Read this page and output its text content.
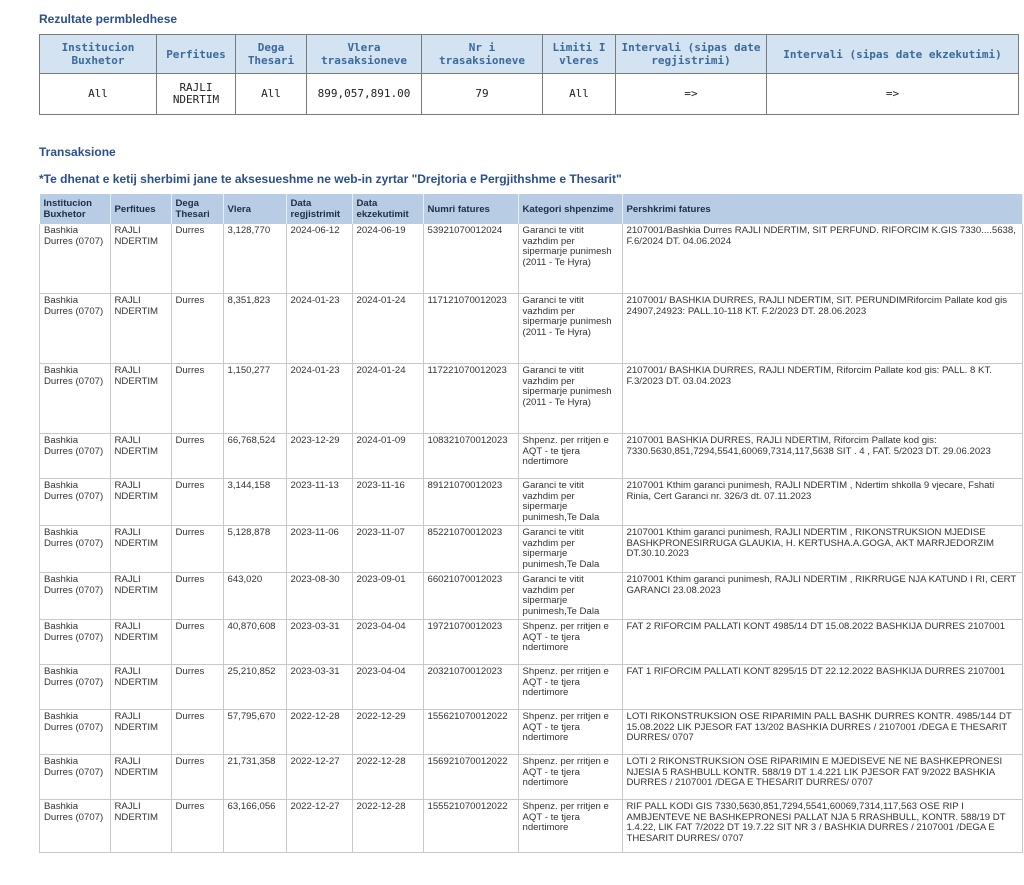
Rezultate permbledhese
Institucion Buxhetor	Perfitues	Dega Thesari	Vlera trasaksioneve	Nr i trasaksioneve	Limiti I vleres	Intervali (sipas date regjistrimi)	Intervali (sipas date ekzekutimi)
All	RAJLI NDERTIM	All	899,057,891.00	79	All	=>	=>
Transaksione
*Te dhenat e ketij sherbimi jane te aksesueshme ne web-in zyrtar "Drejtoria e Pergjithshme e Thesarit"
Institucion Buxhetor	Perfitues	Dega Thesari	Vlera	Data regjistrimit	Data ekzekutimit	Numri fatures	Kategori shpenzime	Pershkrimi fatures
Bashkia Durres (0707)	RAJLI NDERTIM	Durres	3,128,770	2024-06-12	2024-06-19	53921070012024	Garanci te vitit vazhdim per sipermarje punimesh (2011 - Te Hyra)	2107001/Bashkia Durres RAJLI NDERTIM, SIT PERFUND. RIFORCIM K.GIS 7330....5638, F.6/2024 DT. 04.06.2024
Bashkia Durres (0707)	RAJLI NDERTIM	Durres	8,351,823	2024-01-23	2024-01-24	117121070012023	Garanci te vitit vazhdim per sipermarje punimesh (2011 - Te Hyra)	2107001/ BASHKIA DURRES, RAJLI NDERTIM, SIT. PERUNDIMRiforcim Pallate kod gis 24907,24923: PALL.10-118 KT. F.2/2023 DT. 28.06.2023
Bashkia Durres (0707)	RAJLI NDERTIM	Durres	1,150,277	2024-01-23	2024-01-24	117221070012023	Garanci te vitit vazhdim per sipermarje punimesh (2011 - Te Hyra)	2107001/ BASHKIA DURRES, RAJLI NDERTIM, Riforcim Pallate kod gis: PALL. 8 KT. F.3/2023 DT. 03.04.2023
Bashkia Durres (0707)	RAJLI NDERTIM	Durres	66,768,524	2023-12-29	2024-01-09	108321070012023	Shpenz. per rritjen e AQT - te tjera ndertimore	2107001 BASHKIA DURRES, RAJLI NDERTIM, Riforcim Pallate kod gis: 7330.5630,851,7294,5541,60069,7314,117,5638 SIT . 4 , FAT. 5/2023 DT. 29.06.2023
Bashkia Durres (0707)	RAJLI NDERTIM	Durres	3,144,158	2023-11-13	2023-11-16	89121070012023	Garanci te vitit vazhdim per sipermarje punimesh,Te Dala	2107001 Kthim garanci punimesh, RAJLI NDERTIM , Ndertim shkolla 9 vjecare, Fshati Rinia, Cert Garanci nr. 326/3 dt. 07.11.2023
Bashkia Durres (0707)	RAJLI NDERTIM	Durres	5,128,878	2023-11-06	2023-11-07	85221070012023	Garanci te vitit vazhdim per sipermarje punimesh,Te Dala	2107001 Kthim garanci punimesh, RAJLI NDERTIM , RIKONSTRUKSION MJEDISE BASHKPRONESIRRUGA GLAUKIA, H. KERTUSHA.A.GOGA, AKT MARRJEDORZIM DT.30.10.2023
Bashkia Durres (0707)	RAJLI NDERTIM	Durres	643,020	2023-08-30	2023-09-01	66021070012023	Garanci te vitit vazhdim per sipermarje punimesh,Te Dala	2107001 Kthim garanci punimesh, RAJLI NDERTIM , RIKRRUGE NJA KATUND I RI, CERT GARANCI 23.08.2023
Bashkia Durres (0707)	RAJLI NDERTIM	Durres	40,870,608	2023-03-31	2023-04-04	19721070012023	Shpenz. per rritjen e AQT - te tjera ndertimore	FAT 2 RIFORCIM PALLATI KONT 4985/14 DT 15.08.2022 BASHKIJA DURRES 2107001
Bashkia Durres (0707)	RAJLI NDERTIM	Durres	25,210,852	2023-03-31	2023-04-04	20321070012023	Shpenz. per rritjen e AQT - te tjera ndertimore	FAT 1 RIFORCIM PALLATI KONT 8295/15 DT 22.12.2022 BASHKIJA DURRES 2107001
Bashkia Durres (0707)	RAJLI NDERTIM	Durres	57,795,670	2022-12-28	2022-12-29	155621070012022	Shpenz. per rritjen e AQT - te tjera ndertimore	LOTI RIKONSTRUKSION OSE RIPARIMIN PALL BASHK DURRES KONTR. 4985/144 DT 15.08.2022 LIK PJESOR FAT 13/202 BASHKIA DURRES / 2107001 /DEGA E THESARIT DURRES/ 0707
Bashkia Durres (0707)	RAJLI NDERTIM	Durres	21,731,358	2022-12-27	2022-12-28	156921070012022	Shpenz. per rritjen e AQT - te tjera ndertimore	LOTI 2 RIKONSTRUKSION OSE RIPARIMIN E MJEDISEVE NE NE BASHKEPRONESI NJESIA 5 RASHBULL KONTR. 588/19 DT 1.4.221 LIK PJESOR FAT 9/2022 BASHKIA DURRES / 2107001 /DEGA E THESARIT DURRES/ 0707
Bashkia Durres (0707)	RAJLI NDERTIM	Durres	63,166,056	2022-12-27	2022-12-28	155521070012022	Shpenz. per rritjen e AQT - te tjera ndertimore	RIF PALL KODI GIS 7330,5630,851,7294,5541,60069,7314,117,563 OSE RIP I AMBJENTEVE NE BASHKEPRONESI PALLAT NJA 5 RRASHBULL, KONTR. 588/19 DT 1.4.22, LIK FAT 7/2022 DT 19.7.22 SIT NR 3 / BASHKIA DURRES / 2107001 /DEGA E THESARIT DURRES/ 0707
